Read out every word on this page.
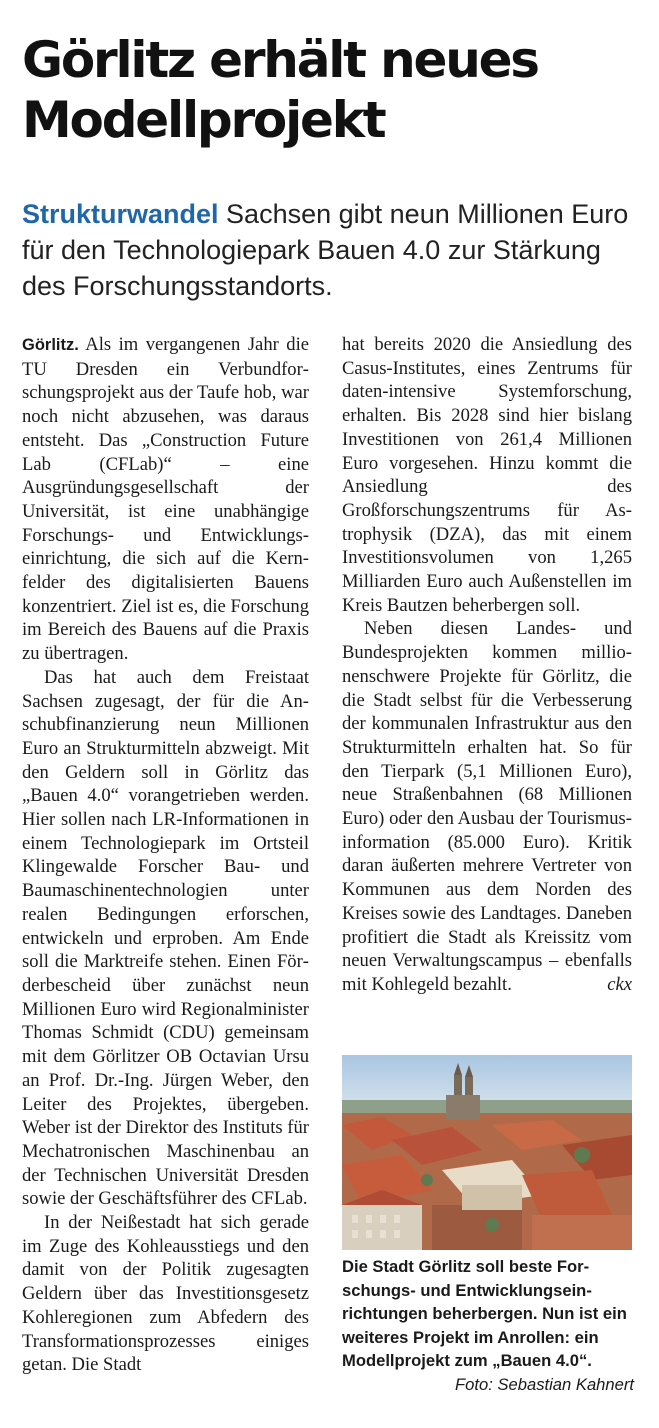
Görlitz erhält neues Modellprojekt
Strukturwandel Sachsen gibt neun Millionen Euro für den Technologiepark Bauen 4.0 zur Stärkung des Forschungsstandorts.

Görlitz. Als im vergangenen Jahr die TU Dresden ein Verbundforschungsprojekt aus der Taufe hob, war noch nicht abzusehen, was daraus entsteht. Das „Construction Future Lab (CFLab)“ – eine Ausgründungsgesellschaft der Universität, ist eine unabhängige Forschungs- und Entwicklungseinrichtung, die sich auf die Kernfelder des digitalisierten Bauens konzentriert. Ziel ist es, die Forschung im Bereich des Bauens auf die Praxis zu übertragen.

Das hat auch dem Freistaat Sachsen zugesagt, der für die Anschubfinanzierung neun Millionen Euro an Strukturmitteln abzweigt. Mit den Geldern soll in Görlitz das „Bauen 4.0“ vorangetrieben werden. Hier sollen nach LR-Informationen in einem Technologiepark im Ortsteil Klingewalde Forscher Bau- und Baumaschinentechnologien unter realen Bedingungen erforschen, entwickeln und erproben. Am Ende soll die Marktreife stehen. Einen Förderbescheid über zunächst neun Millionen Euro wird Regionalminister Thomas Schmidt (CDU) gemeinsam mit dem Görlitzer OB Octavian Ursu an Prof. Dr.-Ing. Jürgen Weber, den Leiter des Projektes, übergeben. Weber ist der Direktor des Instituts für Mechatronischen Maschinenbau an der Technischen Universität Dresden sowie der Geschäftsführer des CFLab.

In der Neißestadt hat sich gerade im Zuge des Kohleausstiegs und den damit von der Politik zugesagten Geldern über das Investitionsgesetz Kohleregionen zum Abfedern des Transformationsprozesses einiges getan. Die Stadt

hat bereits 2020 die Ansiedlung des Casus-Institutes, eines Zentrums für daten-intensive Systemforschung, erhalten. Bis 2028 sind hier bislang Investitionen von 261,4 Millionen Euro vorgesehen. Hinzu kommt die Ansiedlung des Großforschungszentrums für Astrophysik (DZA), das mit einem Investitionsvolumen von 1,265 Milliarden Euro auch Außenstellen im Kreis Bautzen beherbergen soll.

Neben diesen Landes- und Bundesprojekten kommen millionenschwere Projekte für Görlitz, die die Stadt selbst für die Verbesserung der kommunalen Infrastruktur aus den Strukturmitteln erhalten hat. So für den Tierpark (5,1 Millionen Euro), neue Straßenbahnen (68 Millionen Euro) oder den Ausbau der Tourismusinformation (85.000 Euro). Kritik daran äußerten mehrere Vertreter von Kommunen aus dem Norden des Kreises sowie des Landtages. Daneben profitiert die Stadt als Kreissitz vom neuen Verwaltungscampus – ebenfalls mit Kohlegeld bezahlt.	ckx

Die Stadt Görlitz soll beste Forschungs- und Entwicklungseinrichtungen beherbergen. Nun ist ein weiteres Projekt im Anrollen: ein Modellprojekt zum „Bauen 4.0“.
Foto: Sebastian Kahnert
